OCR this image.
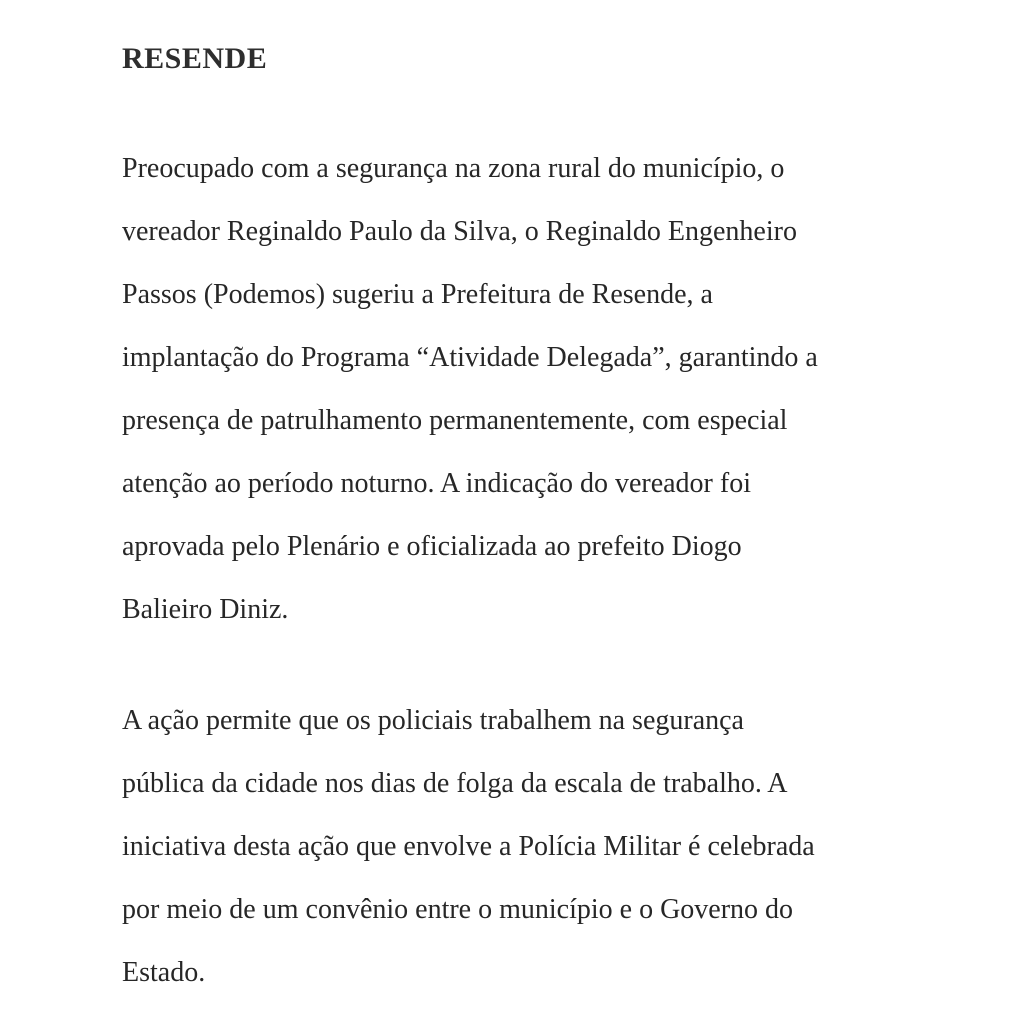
RESENDE
Preocupado com a segurança na zona rural do município, o
vereador Reginaldo Paulo da Silva, o Reginaldo Engenheiro
Passos (Podemos) sugeriu a Prefeitura de Resende, a
implantação do Programa “Atividade Delegada”, garantindo a
presença de patrulhamento permanentemente, com especial
atenção ao período noturno. A indicação do vereador foi
aprovada pelo Plenário e oficializada ao prefeito Diogo
Balieiro Diniz.
A ação permite que os policiais trabalhem na segurança
pública da cidade nos dias de folga da escala de trabalho. A
iniciativa desta ação que envolve a Polícia Militar é celebrada
por meio de um convênio entre o município e o Governo do
Estado.
